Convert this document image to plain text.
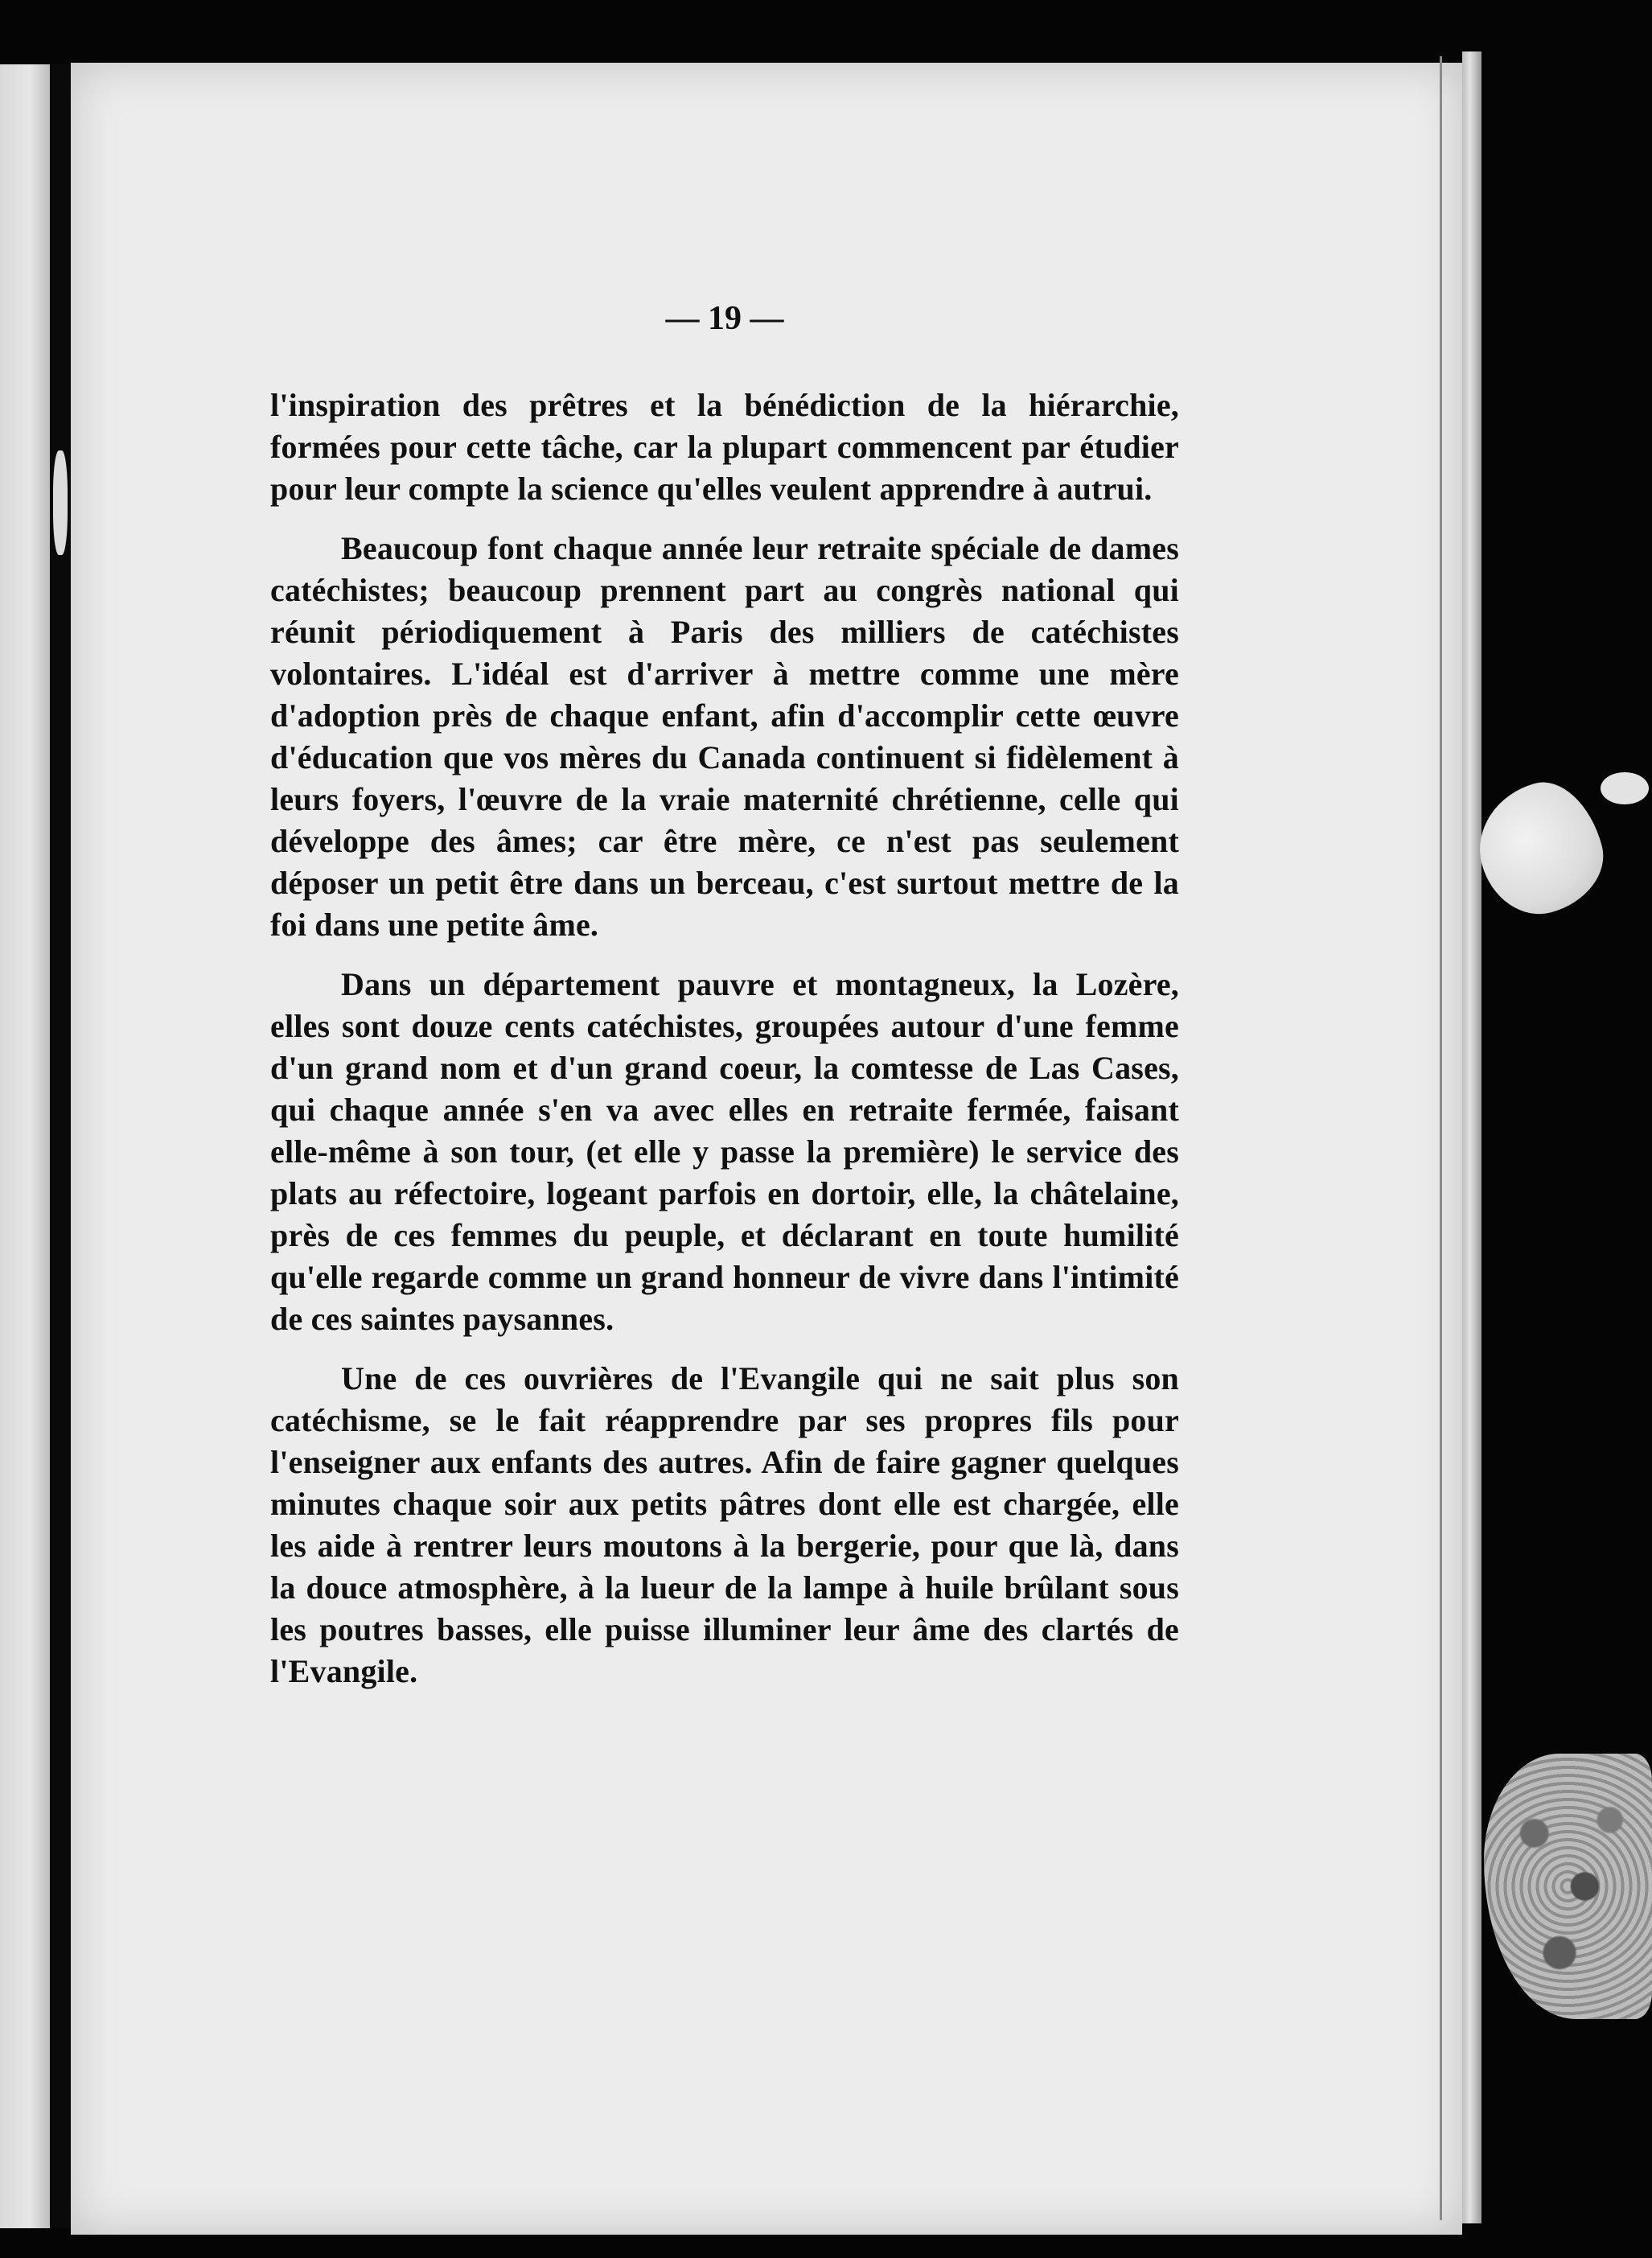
— 19 —

l'inspiration des prêtres et la bénédiction de la hiérarchie, formées pour cette tâche, car la plupart commencent par étudier pour leur compte la science qu'elles veulent apprendre à autrui.

Beaucoup font chaque année leur retraite spéciale de dames catéchistes; beaucoup prennent part au congrès national qui réunit périodiquement à Paris des milliers de catéchistes volontaires. L'idéal est d'arriver à mettre comme une mère d'adoption près de chaque enfant, afin d'accomplir cette œuvre d'éducation que vos mères du Canada continuent si fidèlement à leurs foyers, l'œuvre de la vraie maternité chrétienne, celle qui développe des âmes; car être mère, ce n'est pas seulement déposer un petit être dans un berceau, c'est surtout mettre de la foi dans une petite âme.

Dans un département pauvre et montagneux, la Lozère, elles sont douze cents catéchistes, groupées autour d'une femme d'un grand nom et d'un grand coeur, la comtesse de Las Cases, qui chaque année s'en va avec elles en retraite fermée, faisant elle-même à son tour, (et elle y passe la première) le service des plats au réfectoire, logeant parfois en dortoir, elle, la châtelaine, près de ces femmes du peuple, et déclarant en toute humilité qu'elle regarde comme un grand honneur de vivre dans l'intimité de ces saintes paysannes.

Une de ces ouvrières de l'Evangile qui ne sait plus son catéchisme, se le fait réapprendre par ses propres fils pour l'enseigner aux enfants des autres. Afin de faire gagner quelques minutes chaque soir aux petits pâtres dont elle est chargée, elle les aide à rentrer leurs moutons à la bergerie, pour que là, dans la douce atmosphère, à la lueur de la lampe à huile brûlant sous les poutres basses, elle puisse illuminer leur âme des clartés de l'Evangile.
